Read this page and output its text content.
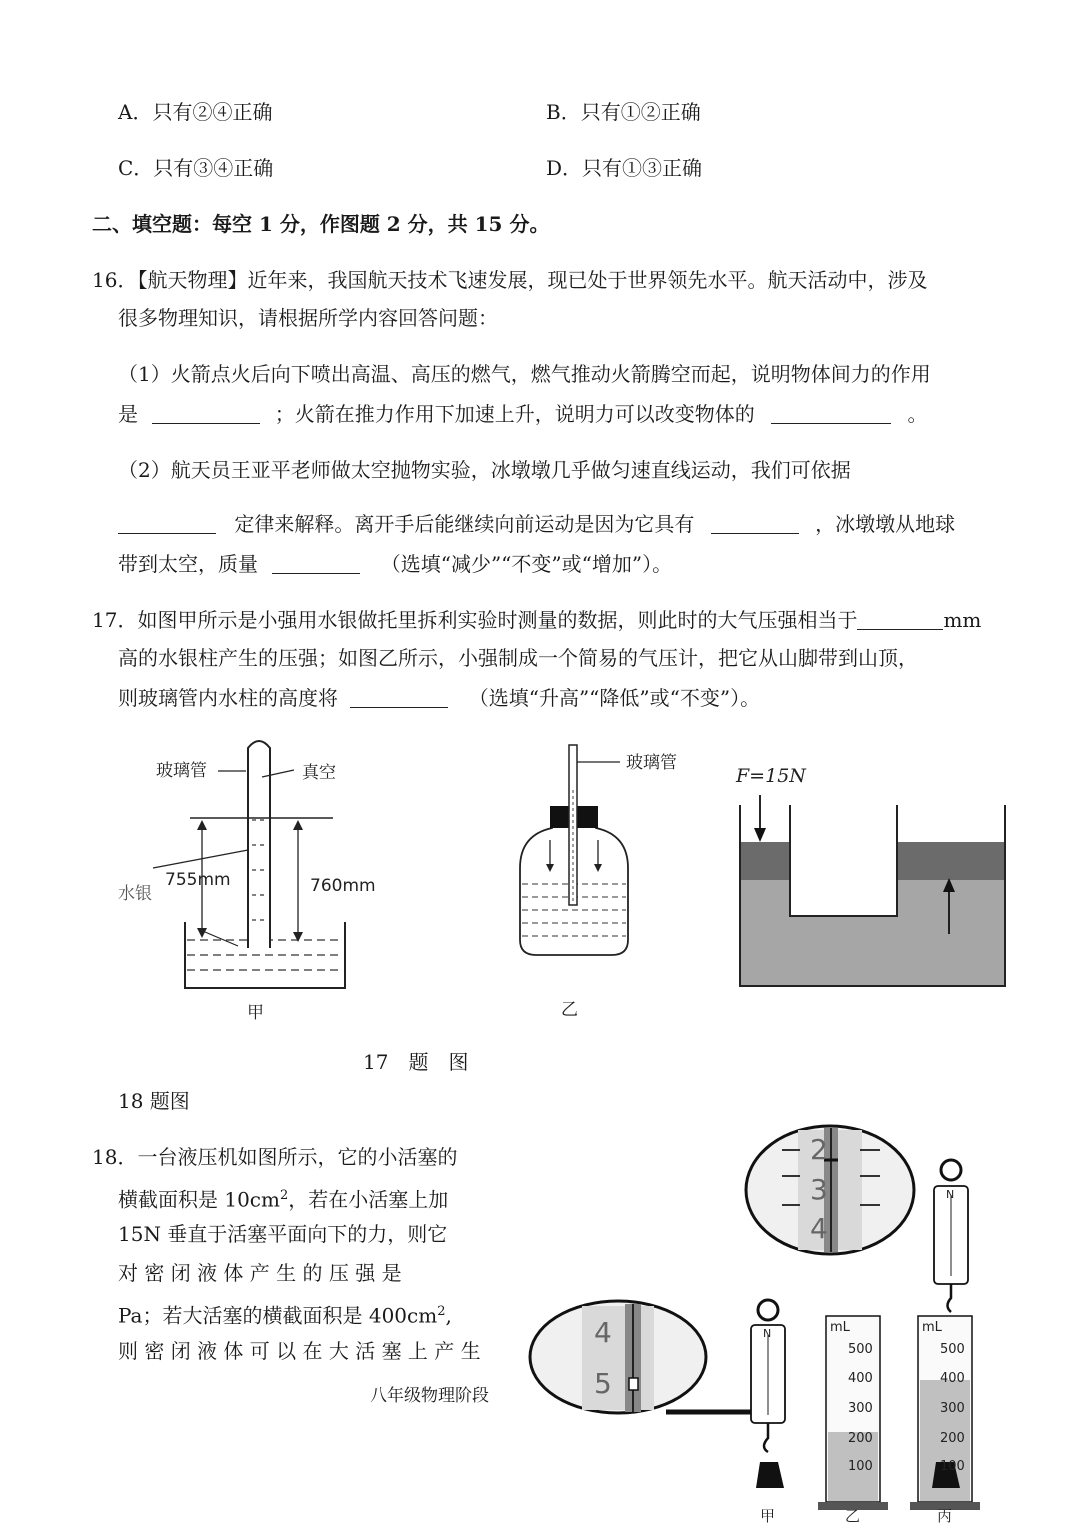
A．只有②④正确	B．只有①②正确
C．只有③④正确	D．只有①③正确
二、填空题：每空 1 分，作图题 2 分，共 15 分。
16．【航天物理】近年来，我国航天技术飞速发展，现已处于世界领先水平。航天活动中，涉及
很多物理知识，请根据所学内容回答问题：
（1）火箭点火后向下喷出高温、高压的燃气，燃气推动火箭腾空而起，说明物体间力的作用
是	；火箭在推力作用下加速上升，说明力可以改变物体的	。
（2）航天员王亚平老师做太空抛物实验，冰墩墩几乎做匀速直线运动，我们可依据
定律来解释。离开手后能继续向前运动是因为它具有	，冰墩墩从地球
带到太空，质量	（选填“减少”“不变”或“增加”）。
17．如图甲所示是小强用水银做托里拆利实验时测量的数据，则此时的大气压强相当于	mm
高的水银柱产生的压强；如图乙所示，小强制成一个简易的气压计，把它从山脚带到山顶，
则玻璃管内水柱的高度将	（选填“升高”“降低”或“不变”）。
玻璃管	真空
水银
755mm	760mm
甲
玻璃管
乙
F=15N
17　题　图
18 题图
18．一台液压机如图所示，它的小活塞的
横截面积是 $10cm^2$，若在小活塞上加
15N 垂直于活塞平面向下的力，则它
对 密 闭 液 体 产 生 的 压 强 是
Pa；若大活塞的横截面积是 $400cm^2$,
则 密 闭 液 体 可 以 在 大 活 塞 上 产 生
八年级物理阶段
2
3
4
N
4
5
N	mL	mL
500
400
300
200
100
500
400
300
200
100
甲	乙	丙
